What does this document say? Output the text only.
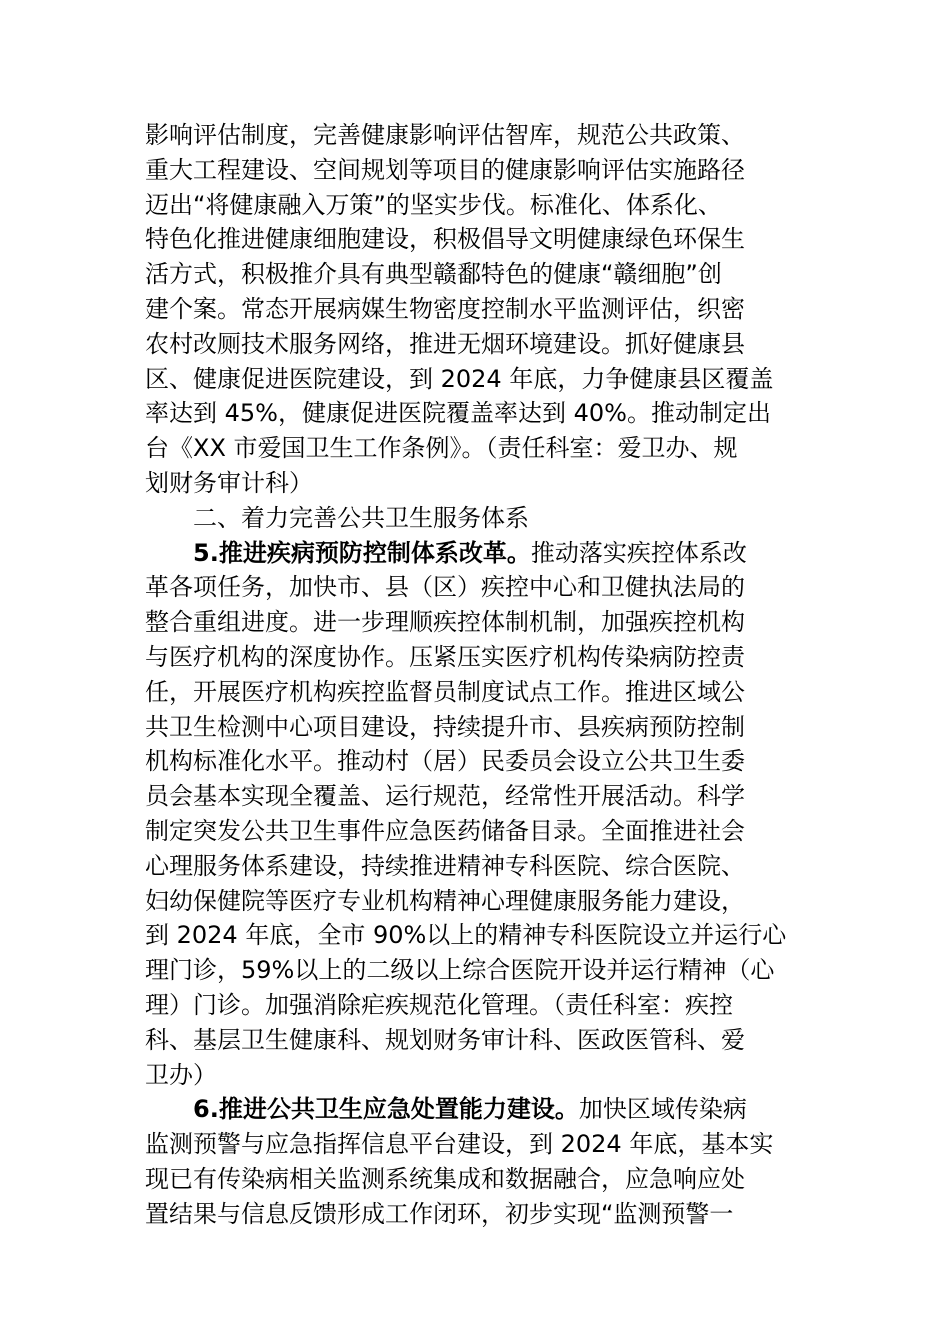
影响评估制度，完善健康影响评估智库，规范公共政策、
重大工程建设、空间规划等项目的健康影响评估实施路径
迈出“将健康融入万策”的坚实步伐。标准化、体系化、
特色化推进健康细胞建设，积极倡导文明健康绿色环保生
活方式，积极推介具有典型赣鄱特色的健康“赣细胞”创
建个案。常态开展病媒生物密度控制水平监测评估，织密
农村改厕技术服务网络，推进无烟环境建设。抓好健康县
区、健康促进医院建设，到 2024 年底，力争健康县区覆盖
率达到 45%，健康促进医院覆盖率达到 40%。推动制定出
台《XX 市爱国卫生工作条例》。（责任科室：爱卫办、规
划财务审计科）
二、着力完善公共卫生服务体系
5.推进疾病预防控制体系改革。推动落实疾控体系改
革各项任务，加快市、县（区）疾控中心和卫健执法局的
整合重组进度。进一步理顺疾控体制机制，加强疾控机构
与医疗机构的深度协作。压紧压实医疗机构传染病防控责
任，开展医疗机构疾控监督员制度试点工作。推进区域公
共卫生检测中心项目建设，持续提升市、县疾病预防控制
机构标准化水平。推动村（居）民委员会设立公共卫生委
员会基本实现全覆盖、运行规范，经常性开展活动。科学
制定突发公共卫生事件应急医药储备目录。全面推进社会
心理服务体系建设，持续推进精神专科医院、综合医院、
妇幼保健院等医疗专业机构精神心理健康服务能力建设，
到 2024 年底，全市 90%以上的精神专科医院设立并运行心
理门诊，59%以上的二级以上综合医院开设并运行精神（心
理）门诊。加强消除疟疾规范化管理。（责任科室：疾控
科、基层卫生健康科、规划财务审计科、医政医管科、爱
卫办）
6.推进公共卫生应急处置能力建设。加快区域传染病
监测预警与应急指挥信息平台建设，到 2024 年底，基本实
现已有传染病相关监测系统集成和数据融合，应急响应处
置结果与信息反馈形成工作闭环，初步实现“监测预警一
